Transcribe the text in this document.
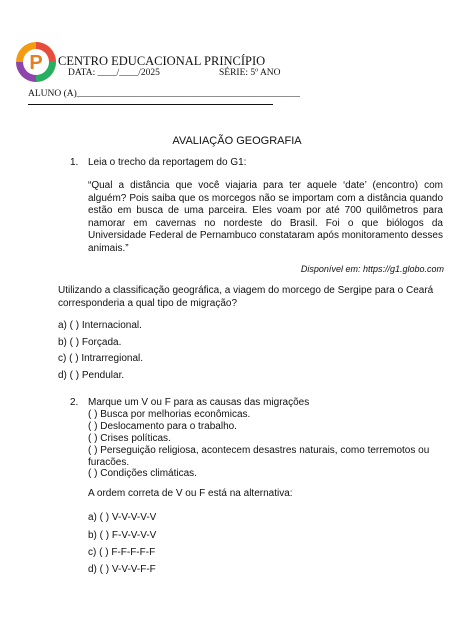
P CENTRO EDUCACIONAL PRINCÍPIO
DATA: ____/____/2025	SÉRIE: 5º ANO
ALUNO (A)_______________________________________________
AVALIAÇÃO GEOGRAFIA
1. Leia o trecho da reportagem do G1:
“Qual a distância que você viajaria para ter aquele ‘date’ (encontro) com alguém? Pois saiba que os morcegos não se importam com a distância quando estão em busca de uma parceira. Eles voam por até 700 quilômetros para namorar em cavernas no nordeste do Brasil. Foi o que biólogos da Universidade Federal de Pernambuco constataram após monitoramento desses animais.”
Disponível em: https://g1.globo.com
Utilizando a classificação geográfica, a viagem do morcego de Sergipe para o Ceará corresponderia a qual tipo de migração?
a) ( ) Internacional.
b) ( ) Forçada.
c) ( ) Intrarregional.
d) ( ) Pendular.
2. Marque um V ou F para as causas das migrações
( ) Busca por melhorias econômicas.
( ) Deslocamento para o trabalho.
( ) Crises políticas.
( ) Perseguição religiosa, acontecem desastres naturais, como terremotos ou furacões.
( ) Condições climáticas.
A ordem correta de V ou F está na alternativa:
a) ( ) V-V-V-V-V
b) ( ) F-V-V-V-V
c) ( ) F-F-F-F-F
d) ( ) V-V-V-F-F
